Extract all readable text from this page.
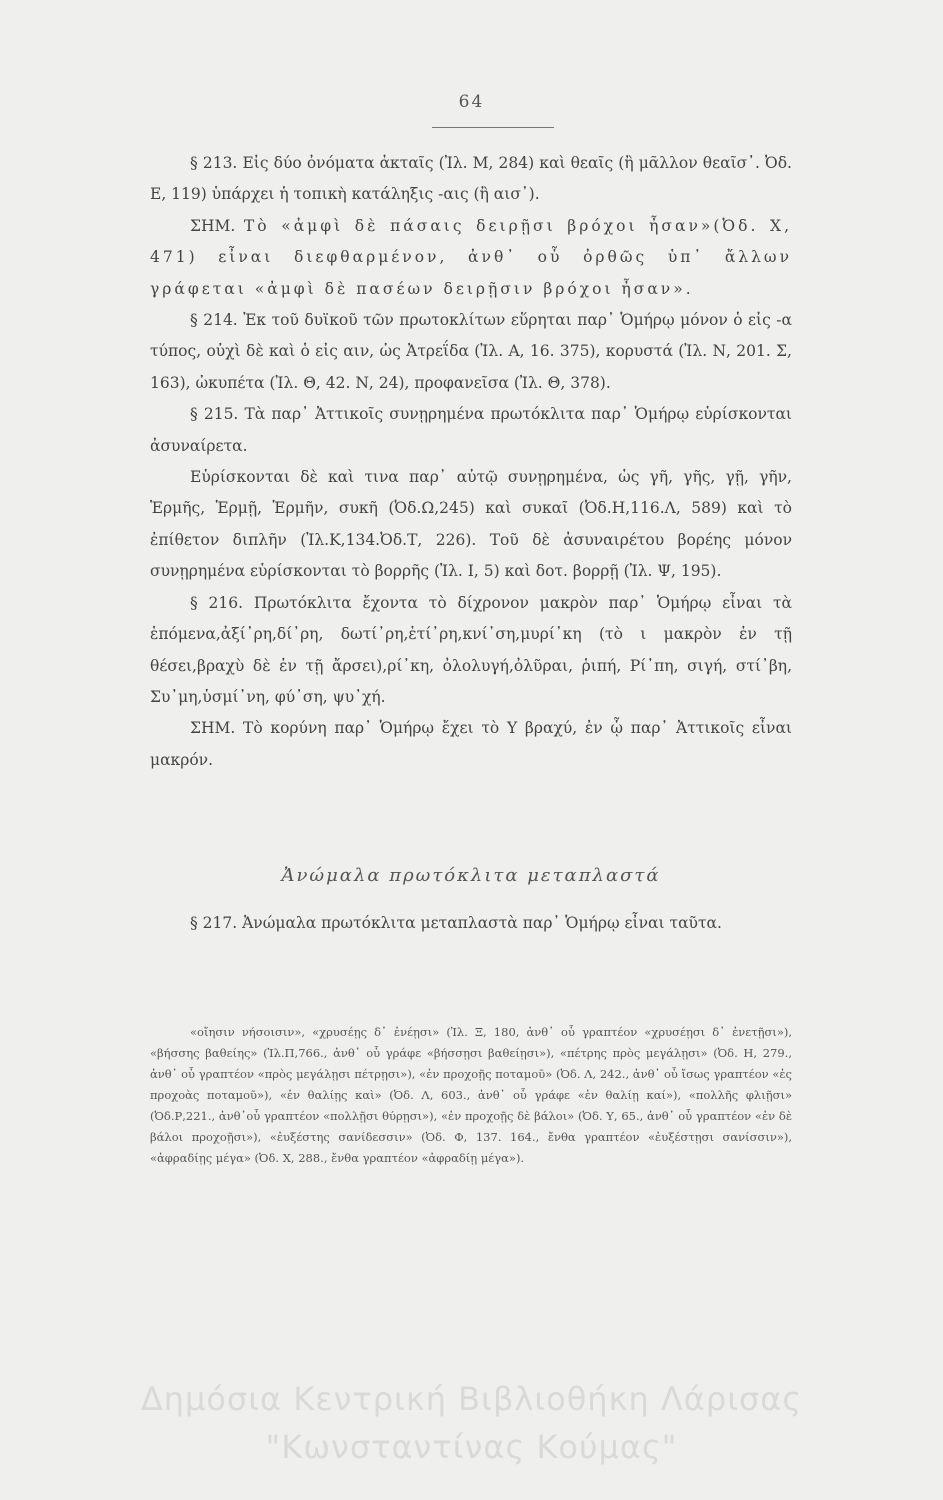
64

§ 213. Εἰς δύο ὀνόματα ἀκταῖς (Ἰλ. Μ, 284) καὶ θεαῖς (ἢ μᾶλλον θεαῖσ᾽. Ὀδ. Ε, 119) ὑπάρχει ἡ τοπικὴ κατάληξις -αις (ἢ αισ᾽).

ΣΗΜ. Τὸ «ἀμφὶ δὲ πάσαις δειρῇσι βρόχοι ἦσαν»(Ὀδ. Χ, 471) εἶναι διεφθαρμένον, ἀνθ᾽ οὗ ὀρθῶς ὑπ᾽ ἄλλων γράφεται «ἀμφὶ δὲ πασέων δειρῇσιν βρόχοι ἦσαν».

§ 214. Ἐκ τοῦ δυϊκοῦ τῶν πρωτοκλίτων εὕρηται παρ᾽ Ὁμήρῳ μόνον ὁ εἰς -α τύπος, οὐχὶ δὲ καὶ ὁ εἰς αιν, ὡς Ἀτρεΐδα (Ἰλ. Α, 16. 375), κορυστά (Ἰλ. Ν, 201. Σ, 163), ὠκυπέτα (Ἰλ. Θ, 42. Ν, 24), προφανεῖσα (Ἰλ. Θ, 378).

§ 215. Τὰ παρ᾽ Ἀττικοῖς συνῃρημένα πρωτόκλιτα παρ᾽ Ὁμήρῳ εὑρίσκονται ἀσυναίρετα.

Εὑρίσκονται δὲ καὶ τινα παρ᾽ αὐτῷ συνῃρημένα, ὡς γῆ, γῆς, γῇ, γῆν, Ἑρμῆς, Ἑρμῇ, Ἑρμῆν, συκῆ (Ὀδ.Ω,245) καὶ συκαῖ (Ὀδ.Η,116.Λ, 589) καὶ τὸ ἐπίθετον διπλῆν (Ἰλ.Κ,134.Ὀδ.Τ, 226). Τοῦ δὲ ἀσυναιρέτου βορέης μόνον συνῃρημένα εὑρίσκονται τὸ βορρῆς (Ἰλ. Ι, 5) καὶ δοτ. βορρῇ (Ἰλ. Ψ, 195).

§ 216. Πρωτόκλιτα ἔχοντα τὸ δίχρονον μακρὸν παρ᾽ Ὁμήρῳ εἶναι τὰ ἑπόμενα,ἀξί᾽ρη,δί᾽ρη, δωτί᾽ρη,ἑτί᾽ρη,κνί᾽ση,μυρί᾽κη (τὸ ι μακρὸν ἐν τῇ θέσει,βραχὺ δὲ ἐν τῇ ἄρσει),ρί᾽κη, ὀλολυγή,ὀλῦραι, ῥιπή, Ρί᾽πη, σιγή, στί᾽βη, Συ᾽μη,ὑσμί᾽νη, φύ᾽ση, ψυ᾽χή.

ΣΗΜ. Τὸ κορύνη παρ᾽ Ὁμήρῳ ἔχει τὸ Υ βραχύ, ἐν ᾧ παρ᾽ Ἀττικοῖς εἶναι μακρόν.

Ἀνώμαλα πρωτόκλιτα μεταπλαστά

§ 217. Ἀνώμαλα πρωτόκλιτα μεταπλαστὰ παρ᾽ Ὁμήρῳ εἶναι ταῦτα.

«οἴησιν νήσοισιν», «χρυσέῃς δ᾽ ἐνέῃσι» (Ἰλ. Ξ, 180, ἀνθ᾽ οὗ γραπτέον «χρυσέῃσι δ᾽ ἐνετῇσι»), «βήσσης βαθείης» (Ἰλ.Π,766., ἀνθ᾽ οὗ γράφε «βήσσῃσι βαθείῃσι»), «πέτρης πρὸς μεγάλῃσι» (Ὀδ. Η, 279., ἀνθ᾽ οὗ γραπτέον «πρὸς μεγάλῃσι πέτρῃσι»), «ἐν προχοῇς ποταμοῦ» (Ὀδ. Λ, 242., ἀνθ᾽ οὗ ἴσως γραπτέον «ἐς προχοὰς ποταμοῦ»), «ἐν θαλίῃς καὶ» (Ὀδ. Λ, 603., ἀνθ᾽ οὗ γράφε «ἐν θαλίῃ καί»), «πολλῆς φλιῇσι» (Ὀδ.Ρ,221., ἀνθ᾽οὗ γραπτέον «πολλῇσι θύρῃσι»), «ἐν προχοῇς δὲ βάλοι» (Ὀδ. Υ, 65., ἀνθ᾽ οὗ γραπτέον «ἐν δὲ βάλοι προχοῇσι»), «ἐυξέστης σανίδεσσιν» (Ὀδ. Φ, 137. 164., ἔνθα γραπτέον «ἐυξέστῃσι σανίσσιν»), «ἀφραδίῃς μέγα» (Ὀδ. Χ, 288., ἔνθα γραπτέον «ἀφραδίῃ μέγα»).

Δημόσια Κεντρική Βιβλιοθήκη Λάρισας
"Κωνσταντίνας Κούμας"
